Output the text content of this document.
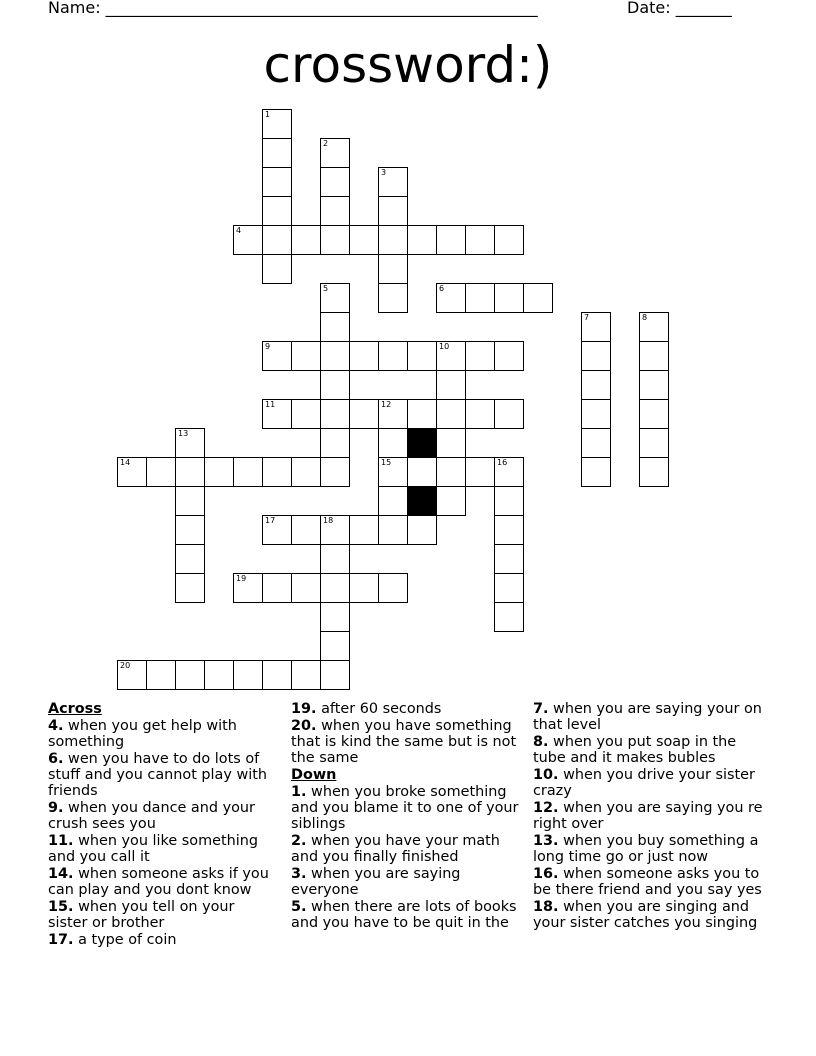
Name: ______________________________________________________	Date: _______
crossword:)
1
2
3
4
5	6
7	8
9	10
11	12
13
14	15	16
17	18
19
20
Across
4. when you get help with something
6. wen you have to do lots of stuff and you cannot play with friends
9. when you dance and your crush sees you
11. when you like something and you call it
14. when someone asks if you can play and you dont know
15. when you tell on your sister or brother
17. a type of coin
19. after 60 seconds
20. when you have something that is kind the same but is not the same
Down
1. when you broke something and you blame it to one of your siblings
2. when you have your math and you finally finished
3. when you are saying everyone
5. when there are lots of books and you have to be quit in the
7. when you are saying your on that level
8. when you put soap in the tube and it makes bubles
10. when you drive your sister crazy
12. when you are saying you re right over
13. when you buy something a long time go or just now
16. when someone asks you to be there friend and you say yes
18. when you are singing and your sister catches you singing
